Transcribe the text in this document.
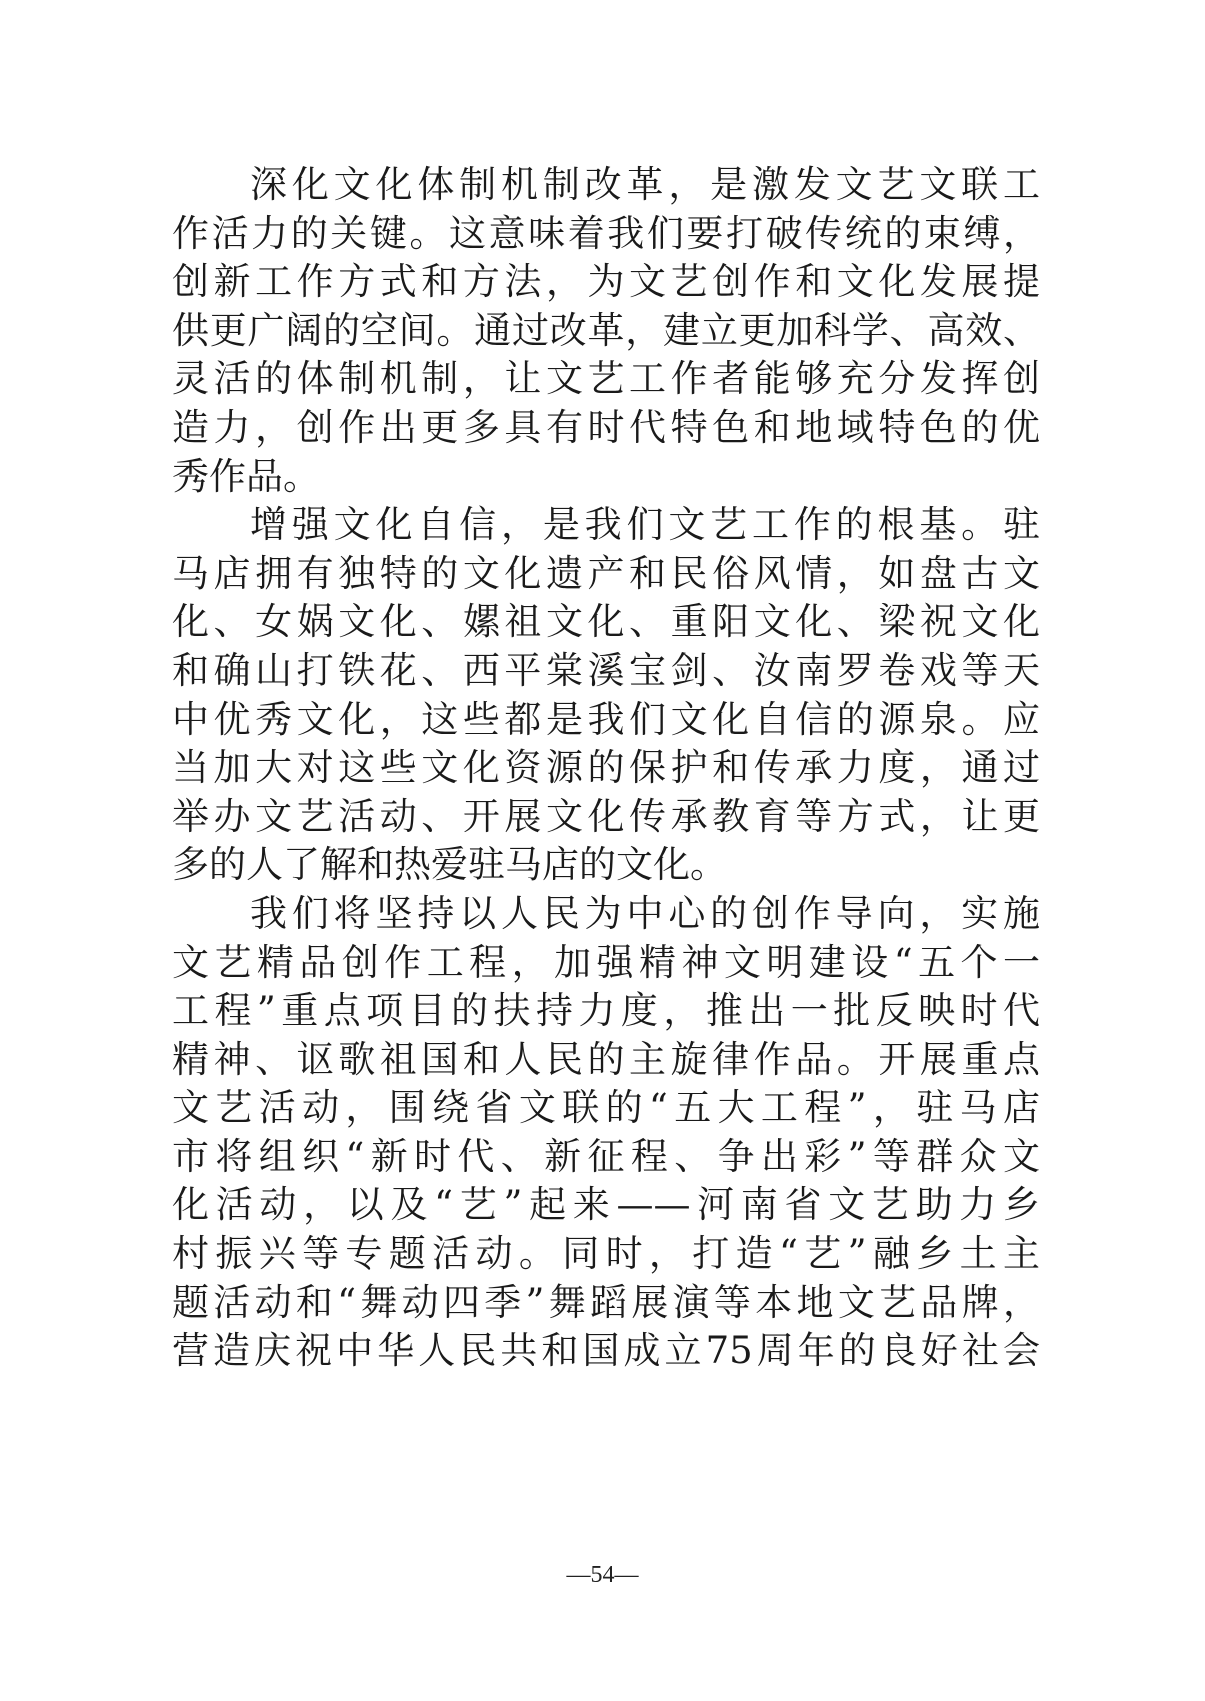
深化文化体制机制改革，是激发文艺文联工
作活力的关键。这意味着我们要打破传统的束缚，
创新工作方式和方法，为文艺创作和文化发展提
供更广阔的空间。通过改革，建立更加科学、高效、
灵活的体制机制，让文艺工作者能够充分发挥创
造力，创作出更多具有时代特色和地域特色的优
秀作品。
增强文化自信，是我们文艺工作的根基。驻
马店拥有独特的文化遗产和民俗风情，如盘古文
化、女娲文化、嫘祖文化、重阳文化、梁祝文化
和确山打铁花、西平棠溪宝剑、汝南罗卷戏等天
中优秀文化，这些都是我们文化自信的源泉。应
当加大对这些文化资源的保护和传承力度，通过
举办文艺活动、开展文化传承教育等方式，让更
多的人了解和热爱驻马店的文化。
我们将坚持以人民为中心的创作导向，实施
文艺精品创作工程，加强精神文明建设“五个一
工程”重点项目的扶持力度，推出一批反映时代
精神、讴歌祖国和人民的主旋律作品。开展重点
文艺活动，围绕省文联的“五大工程”，驻马店
市将组织“新时代、新征程、争出彩”等群众文
化活动，以及“艺”起来——河南省文艺助力乡
村振兴等专题活动。同时，打造“艺”融乡土主
题活动和“舞动四季”舞蹈展演等本地文艺品牌，
营造庆祝中华人民共和国成立75周年的良好社会
—54—
